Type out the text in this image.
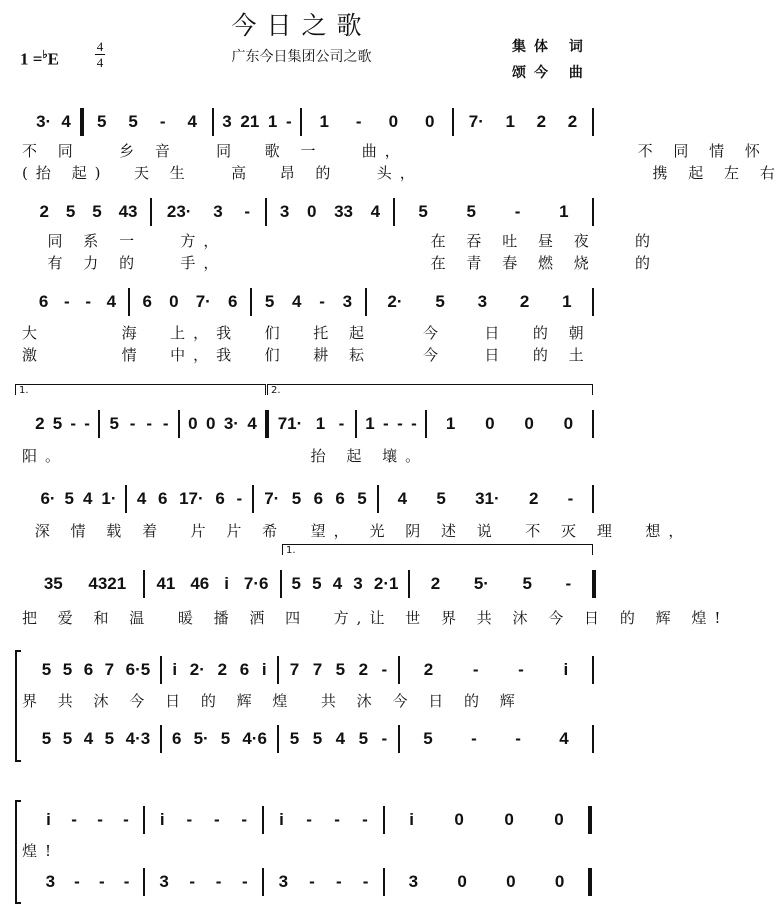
今日之歌
广东今日集团公司之歌
1 =♭E
4
4
集体 词
颂今 曲
3· 4 5 5 - 4 3 21 1 - 1 - 0 0 7· 1 2 2
不 同   乡 音   同  歌 一   曲，                  不 同 情 怀
(抬 起)  天 生   高  昂 的   头，                  携 起 左 右
2 5 5 43 23· 3 - 3 0 33 4 5 5 - 1
同 系 一   方，                在 吞 吐 昼 夜   的
有 力 的   手，                在 青 春 燃 烧   的
6 - - 4 6 0 7· 6 5 4 - 3 2· 5 3 2 1
大      海  上，我  们  托 起    今   日  的 朝
激      情  中，我  们  耕 耘    今   日  的 土
2 5 - - 5 - - - 0 0 3· 4 71· 1 - 1 - - - 1 0 0 0
阳。                   抬 起 壤。
1.	2.
6· 5 4 1· 4 6 17· 6 - 7· 5 6 6 5 4 5 31· 2 -
深 情 载 着  片 片 希  望， 光 阴 述 说  不 灭 理  想，
35 4321 41 46 i 7·6 5 5 4 3 2·1 2 5· 5 -
把 爱 和 温  暖 播 洒 四  方,让 世 界 共 沐 今 日 的 辉 煌!
1.
5 5 6 7 6·5 i 2· 2 6 i 7 7 5 2 - 2 - - i
界 共 沐 今 日 的 辉 煌  共 沐 今 日 的 辉
5 5 4 5 4·3 6 5· 5 4·6 5 5 4 5 - 5 - - 4
i - - - i - - - i - - - i 0 0 0
煌!
3 - - - 3 - - - 3 - - - 3 0 0 0
